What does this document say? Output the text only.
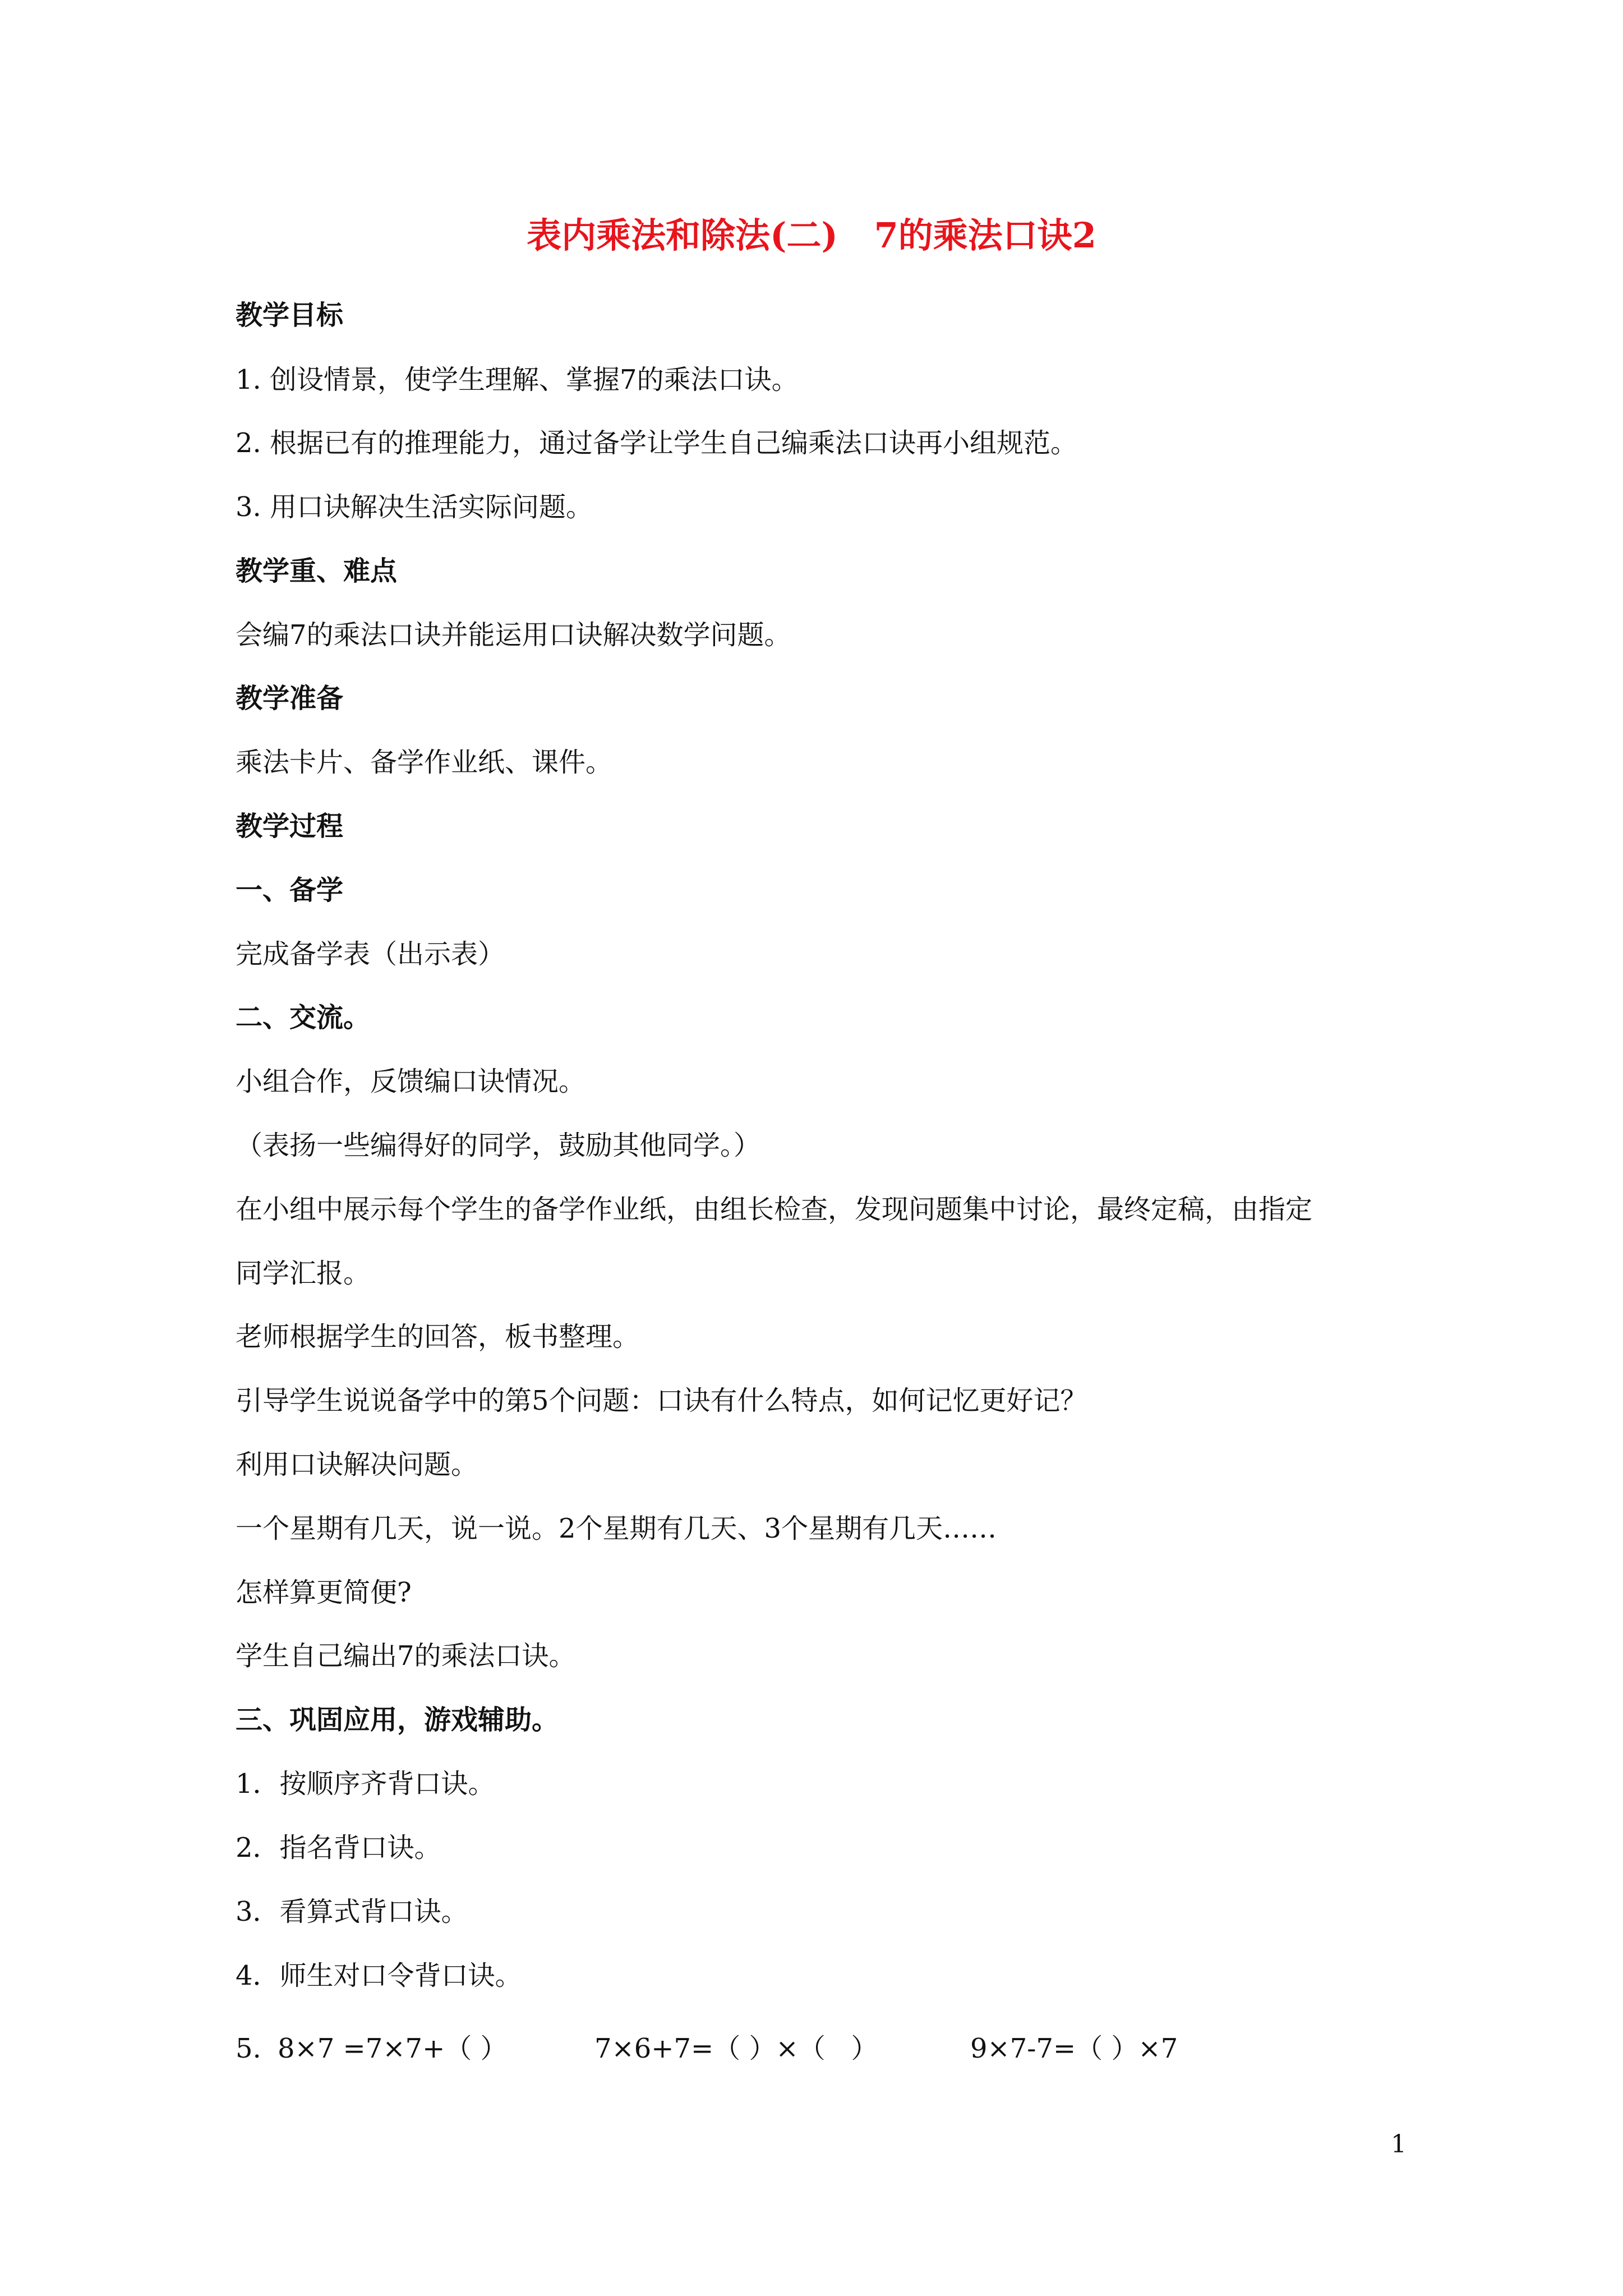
表内乘法和除法(二)   7的乘法口诀2

教学目标

1. 创设情景，使学生理解、掌握7的乘法口诀。

2. 根据已有的推理能力，通过备学让学生自己编乘法口诀再小组规范。

3. 用口诀解决生活实际问题。

教学重、难点

会编7的乘法口诀并能运用口诀解决数学问题。

教学准备

乘法卡片、备学作业纸、课件。

教学过程

一、备学

完成备学表（出示表）

二、交流。

小组合作，反馈编口诀情况。

（表扬一些编得好的同学，鼓励其他同学。）

在小组中展示每个学生的备学作业纸，由组长检查，发现问题集中讨论，最终定稿，由指定

同学汇报。

老师根据学生的回答，板书整理。

引导学生说说备学中的第5个问题：口诀有什么特点，如何记忆更好记？

利用口诀解决问题。

一个星期有几天，说一说。2个星期有几天、3个星期有几天……

怎样算更简便?

学生自己编出7的乘法口诀。

三、巩固应用，游戏辅助。

1．按顺序齐背口诀。

2．指名背口诀。

3．看算式背口诀。

4．师生对口令背口诀。

5.

8×7 =7×7+（ ）

	7×6+7=（ ）×（   ）

	9×7-7=（ ）×7

1
